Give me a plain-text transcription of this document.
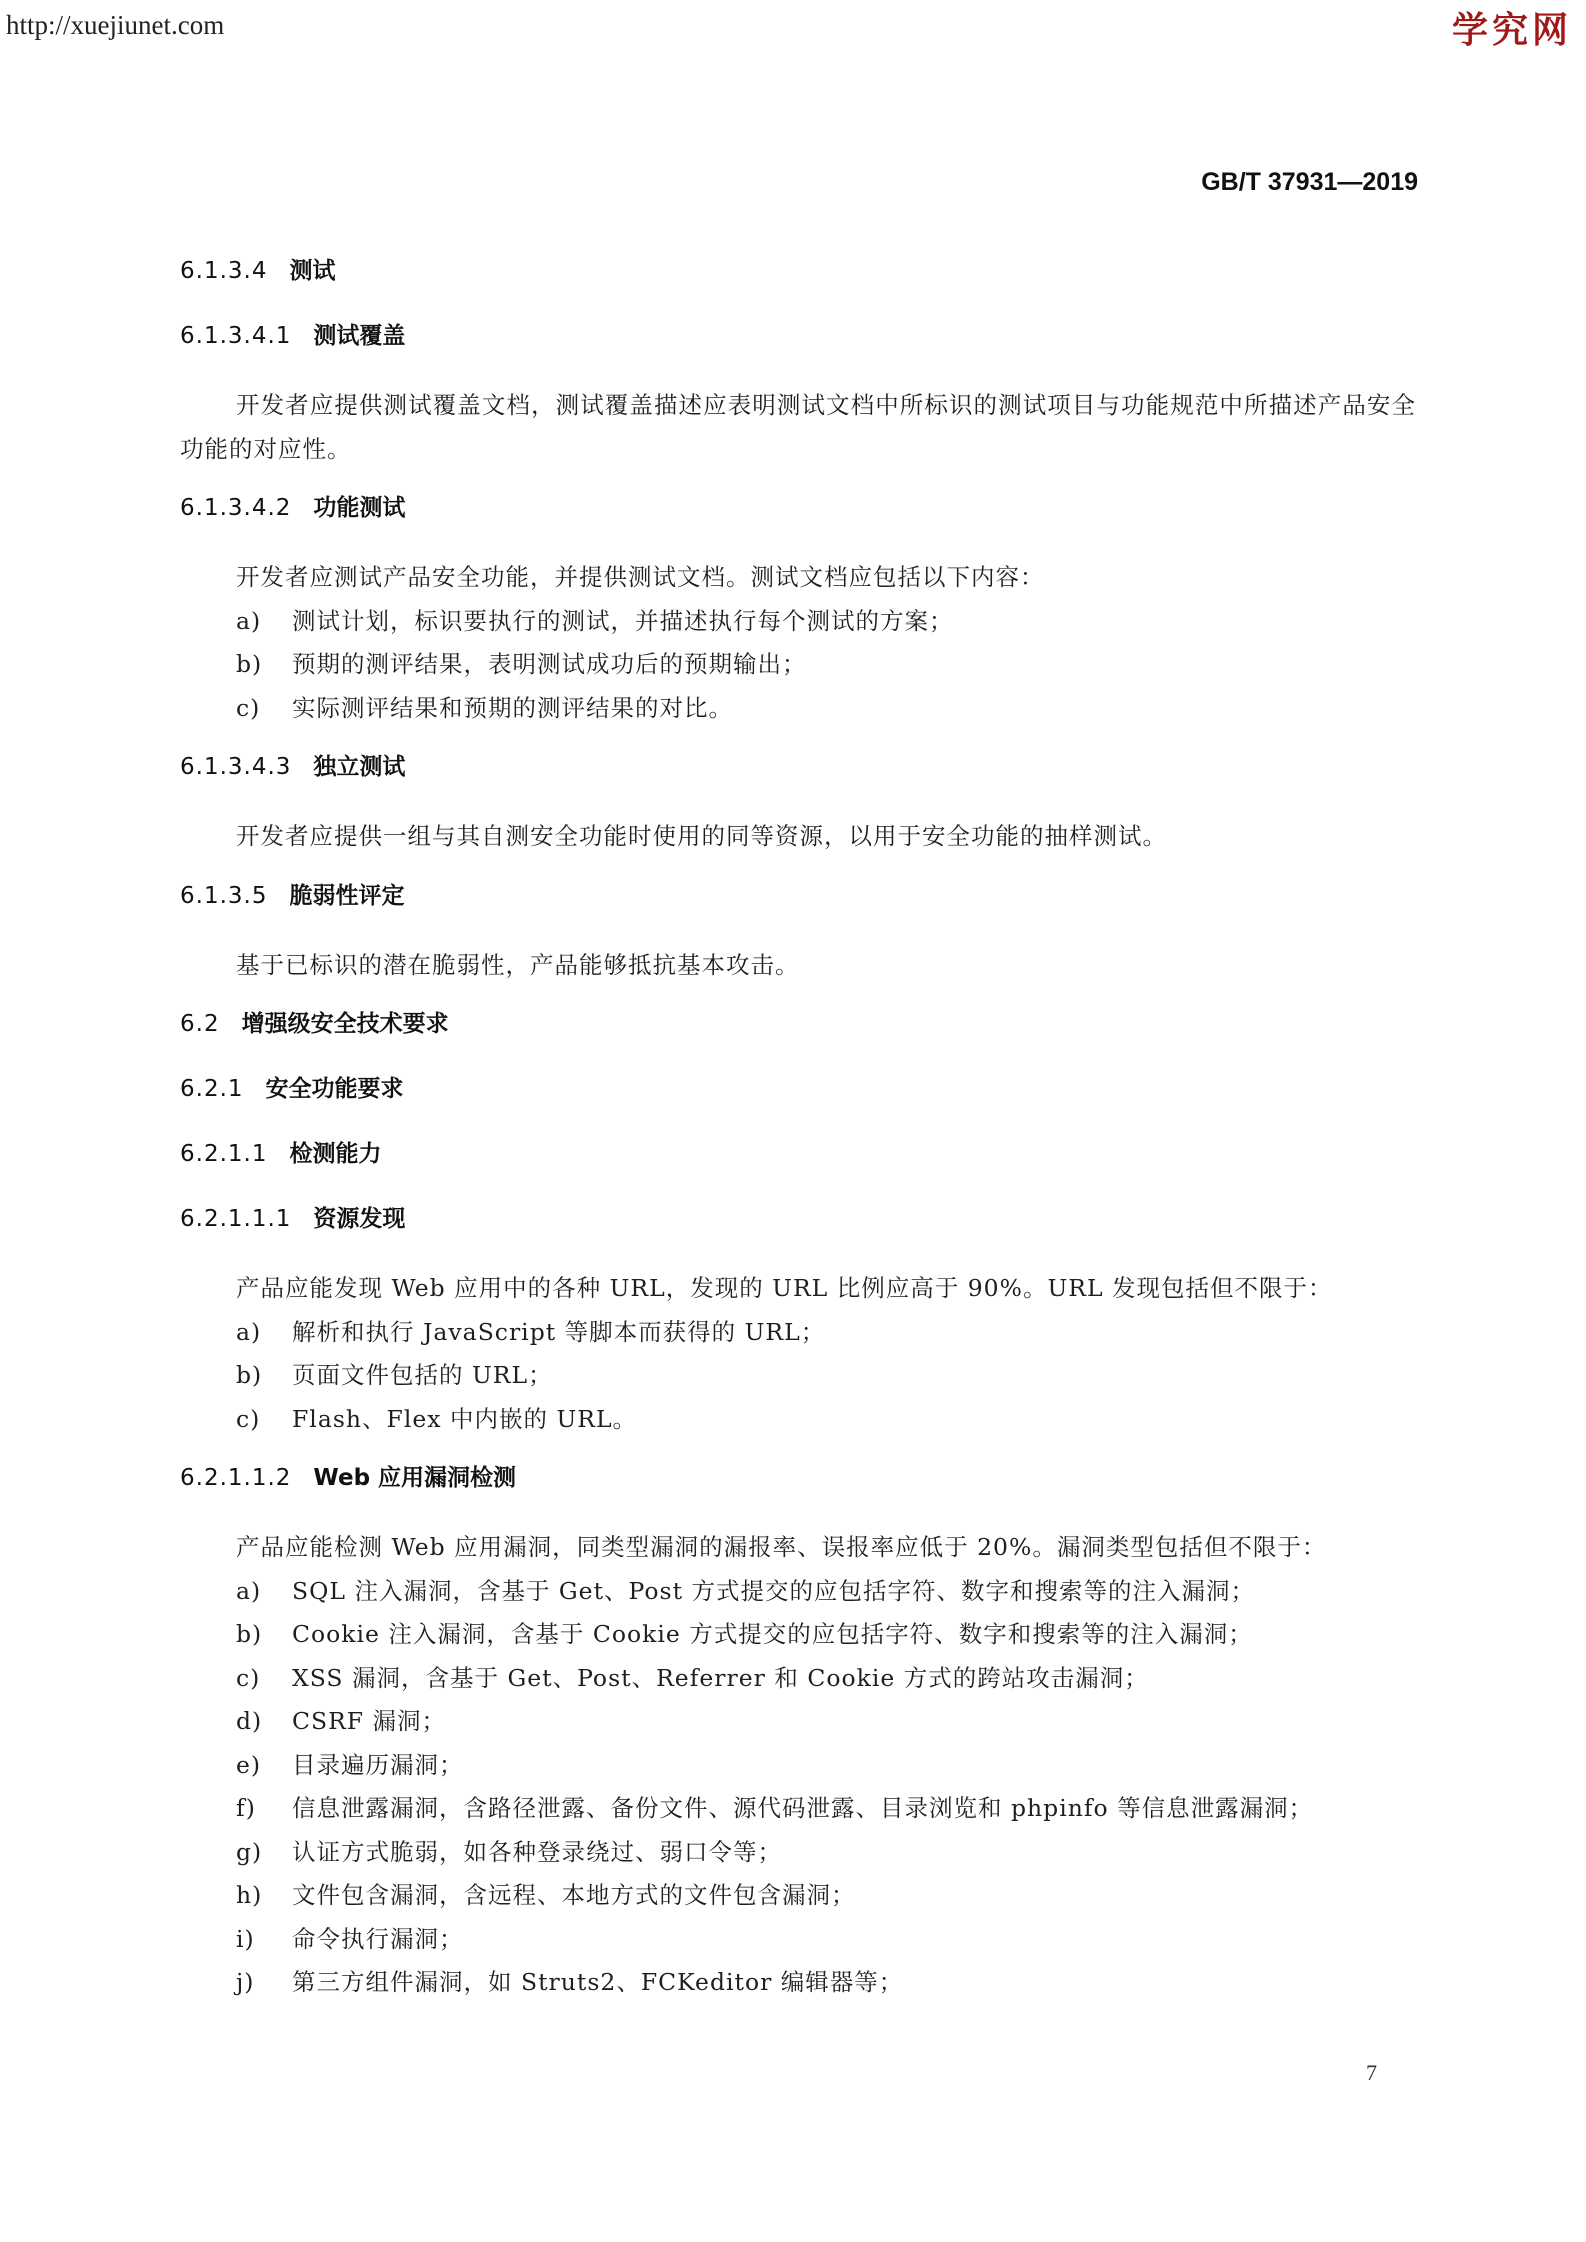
http://xuejiunet.com	学究网
GB/T 37931—2019
6.1.3.4 测试
6.1.3.4.1 测试覆盖

开发者应提供测试覆盖文档，测试覆盖描述应表明测试文档中所标识的测试项目与功能规范中所描述产品安全功能的对应性。

6.1.3.4.2 功能测试

开发者应测试产品安全功能，并提供测试文档。测试文档应包括以下内容：

a) 测试计划，标识要执行的测试，并描述执行每个测试的方案；
b) 预期的测评结果，表明测试成功后的预期输出；
c) 实际测评结果和预期的测评结果的对比。
6.1.3.4.3 独立测试

开发者应提供一组与其自测安全功能时使用的同等资源，以用于安全功能的抽样测试。

6.1.3.5 脆弱性评定

基于已标识的潜在脆弱性，产品能够抵抗基本攻击。

6.2 增强级安全技术要求
6.2.1 安全功能要求
6.2.1.1 检测能力
6.2.1.1.1 资源发现

产品应能发现 Web 应用中的各种 URL，发现的 URL 比例应高于 90%。URL 发现包括但不限于：

a) 解析和执行 JavaScript 等脚本而获得的 URL；
b) 页面文件包括的 URL；
c) Flash、Flex 中内嵌的 URL。
6.2.1.1.2 Web 应用漏洞检测

产品应能检测 Web 应用漏洞，同类型漏洞的漏报率、误报率应低于 20%。漏洞类型包括但不限于：

a) SQL 注入漏洞，含基于 Get、Post 方式提交的应包括字符、数字和搜索等的注入漏洞；
b) Cookie 注入漏洞，含基于 Cookie 方式提交的应包括字符、数字和搜索等的注入漏洞；
c) XSS 漏洞，含基于 Get、Post、Referrer 和 Cookie 方式的跨站攻击漏洞；
d) CSRF 漏洞；
e) 目录遍历漏洞；
f) 信息泄露漏洞，含路径泄露、备份文件、源代码泄露、目录浏览和 phpinfo 等信息泄露漏洞；
g) 认证方式脆弱，如各种登录绕过、弱口令等；
h) 文件包含漏洞，含远程、本地方式的文件包含漏洞；
i) 命令执行漏洞；
j) 第三方组件漏洞，如 Struts2、FCKeditor 编辑器等；
7
